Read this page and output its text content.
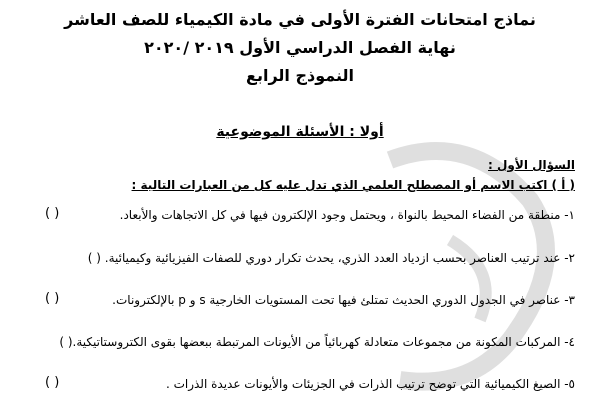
نماذج امتحانات الفترة الأولى في مادة الكيمياء للصف العاشر
نهاية الفصل الدراسي الأول ٢٠١٩ /٢٠٢٠
النموذج الرابع
أولا : الأسئلة الموضوعية
السؤال الأول :
( أ ) اكتب الاسم أو المصطلح العلمي الذي تدل عليه كل من العبارات التالية :
١- منطقة من الفضاء المحيط بالنواة ، ويحتمل وجود الإلكترون فيها في كل الاتجاهات والأبعاد.
( )
٢- عند ترتيب العناصر بحسب ازدياد العدد الذري، يحدث تكرار دوري للصفات الفيزيائية وكيميائية. ( )
٣- عناصر في الجدول الدوري الحديث تمتلئ فيها تحت المستويات الخارجية s و p بالإلكترونات.
( )
٤- المركبات المكونة من مجموعات متعادلة كهربائياً من الأيونات المرتبطة ببعضها بقوى الكتروستاتيكية.( )
٥- الصيغ الكيميائية التي توضح ترتيب الذرات في الجزيئات والأيونات عديدة الذرات .
( )
